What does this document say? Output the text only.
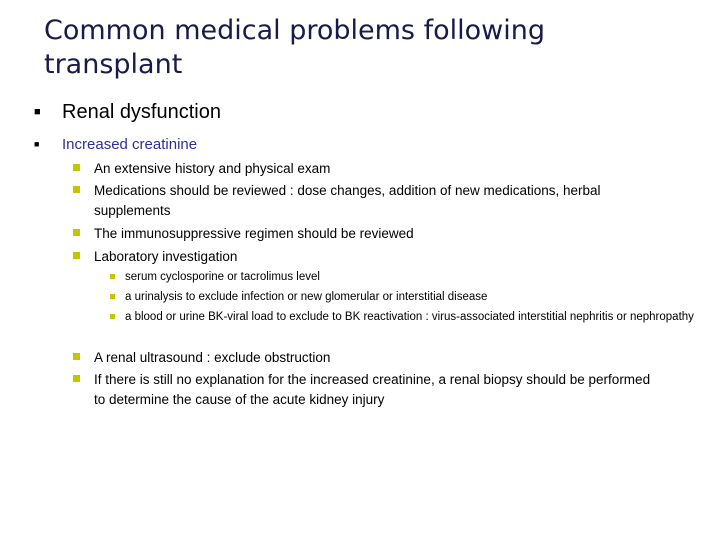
Common medical problems following transplant
■ Renal dysfunction
■ Increased creatinine
An extensive history and physical exam
Medications should be reviewed : dose changes, addition of new medications, herbal supplements
The immunosuppressive regimen should be reviewed
Laboratory investigation
serum cyclosporine or tacrolimus level
a urinalysis to exclude infection or new glomerular or interstitial disease
a blood or urine BK-viral load to exclude to BK reactivation : virus-associated interstitial nephritis or nephropathy
A renal ultrasound : exclude obstruction
If there is still no explanation for the increased creatinine, a renal biopsy should be performed to determine the cause of the acute kidney injury
